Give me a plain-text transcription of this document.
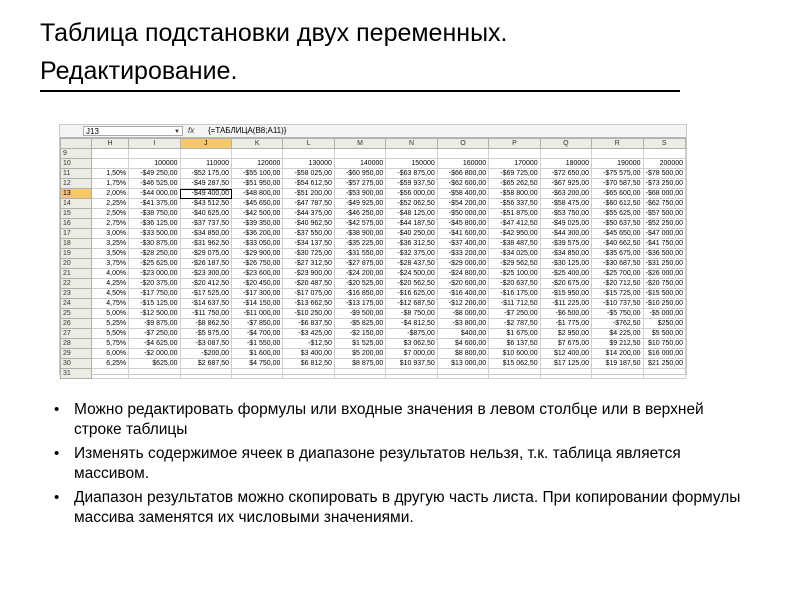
Таблица подстановки двух переменных.
Редактирование.
J13	▼ fx {=ТАБЛИЦА(B8;A11)}
	H	I	J	K	L	M	N	O	P	Q	R	S
9												
10		100000	110000	120000	130000	140000	150000	160000	170000	180000	190000	200000
11	1,50%	-$49 250,00	-$52 175,00	-$55 100,00	-$58 025,00	-$60 950,00	-$63 875,00	-$66 800,00	-$69 725,00	-$72 650,00	-$75 575,00	-$78 500,00
12	1,75%	-$46 525,00	-$49 287,50	-$51 950,00	-$54 612,50	-$57 275,00	-$59 937,50	-$62 600,00	-$65 262,50	-$67 925,00	-$70 587,50	-$73 250,00
13	2,00%	-$44 000,00	-$49 400,00	-$48 800,00	-$51 200,00	-$53 900,00	-$56 000,00	-$58 400,00	-$58 800,00	-$63 200,00	-$65 600,00	-$68 000,00
14	2,25%	-$41 375,00	-$43 512,50	-$45 650,00	-$47 787,50	-$49 925,00	-$52 062,50	-$54 200,00	-$56 337,50	-$58 475,00	-$60 612,50	-$62 750,00
15	2,50%	-$38 750,00	-$40 625,00	-$42 500,00	-$44 375,00	-$46 250,00	-$48 125,00	-$50 000,00	-$51 875,00	-$53 750,00	-$55 625,00	-$57 500,00
16	2,75%	-$36 125,00	-$37 737,50	-$39 350,00	-$40 962,50	-$42 575,00	-$44 187,50	-$45 800,00	-$47 412,50	-$49 025,00	-$50 637,50	-$52 250,00
17	3,00%	-$33 500,00	-$34 850,00	-$36 200,00	-$37 550,00	-$38 900,00	-$40 250,00	-$41 600,00	-$42 950,00	-$44 300,00	-$45 650,00	-$47 000,00
18	3,25%	-$30 875,00	-$31 962,50	-$33 050,00	-$34 137,50	-$35 225,00	-$36 312,50	-$37 400,00	-$38 487,50	-$39 575,00	-$40 662,50	-$41 750,00
19	3,50%	-$28 250,00	-$29 075,00	-$29 900,00	-$30 725,00	-$31 550,00	-$32 375,00	-$33 200,00	-$34 025,00	-$34 850,00	-$35 675,00	-$36 500,00
20	3,75%	-$25 625,00	-$26 187,50	-$26 750,00	-$27 312,50	-$27 875,00	-$28 437,50	-$29 000,00	-$29 562,50	-$30 125,00	-$30 687,50	-$31 250,00
21	4,00%	-$23 000,00	-$23 300,00	-$23 600,00	-$23 900,00	-$24 200,00	-$24 500,00	-$24 800,00	-$25 100,00	-$25 400,00	-$25 700,00	-$26 000,00
22	4,25%	-$20 375,00	-$20 412,50	-$20 450,00	-$20 487,50	-$20 525,00	-$20 562,50	-$20 600,00	-$20 637,50	-$20 675,00	-$20 712,50	-$20 750,00
23	4,50%	-$17 750,00	-$17 525,00	-$17 300,00	-$17 075,00	-$16 850,00	-$16 625,00	-$16 400,00	-$16 175,00	-$15 950,00	-$15 725,00	-$15 500,00
24	4,75%	-$15 125,00	-$14 637,50	-$14 150,00	-$13 662,50	-$13 175,00	-$12 687,50	-$12 200,00	-$11 712,50	-$11 225,00	-$10 737,50	-$10 250,00
25	5,00%	-$12 500,00	-$11 750,00	-$11 000,00	-$10 250,00	-$9 500,00	-$8 750,00	-$8 000,00	-$7 250,00	-$6 500,00	-$5 750,00	-$5 000,00
26	5,25%	-$9 875,00	-$8 862,50	-$7 850,00	-$6 837,50	-$5 825,00	-$4 812,50	-$3 800,00	-$2 787,50	-$1 775,00	-$762,50	$250,00
27	5,50%	-$7 250,00	-$5 975,00	-$4 700,00	-$3 425,00	-$2 150,00	-$875,00	$400,00	$1 675,00	$2 950,00	$4 225,00	$5 500,00
28	5,75%	-$4 625,00	-$3 087,50	-$1 550,00	-$12,50	$1 525,00	$3 062,50	$4 600,00	$6 137,50	$7 675,00	$9 212,50	$10 750,00
29	6,00%	-$2 000,00	-$200,00	$1 600,00	$3 400,00	$5 200,00	$7 000,00	$8 800,00	$10 600,00	$12 400,00	$14 200,00	$16 000,00
30	6,25%	$625,00	$2 687,50	$4 750,00	$6 812,50	$8 875,00	$10 937,50	$13 000,00	$15 062,50	$17 125,00	$19 187,50	$21 250,00
31												
• Можно редактировать формулы или входные значения в левом столбце или в верхней строке таблицы
• Изменять содержимое ячеек в диапазоне результатов нельзя, т.к. таблица является массивом.
• Диапазон результатов можно скопировать в другую часть листа. При копировании формулы массива заменятся их числовыми значениями.
